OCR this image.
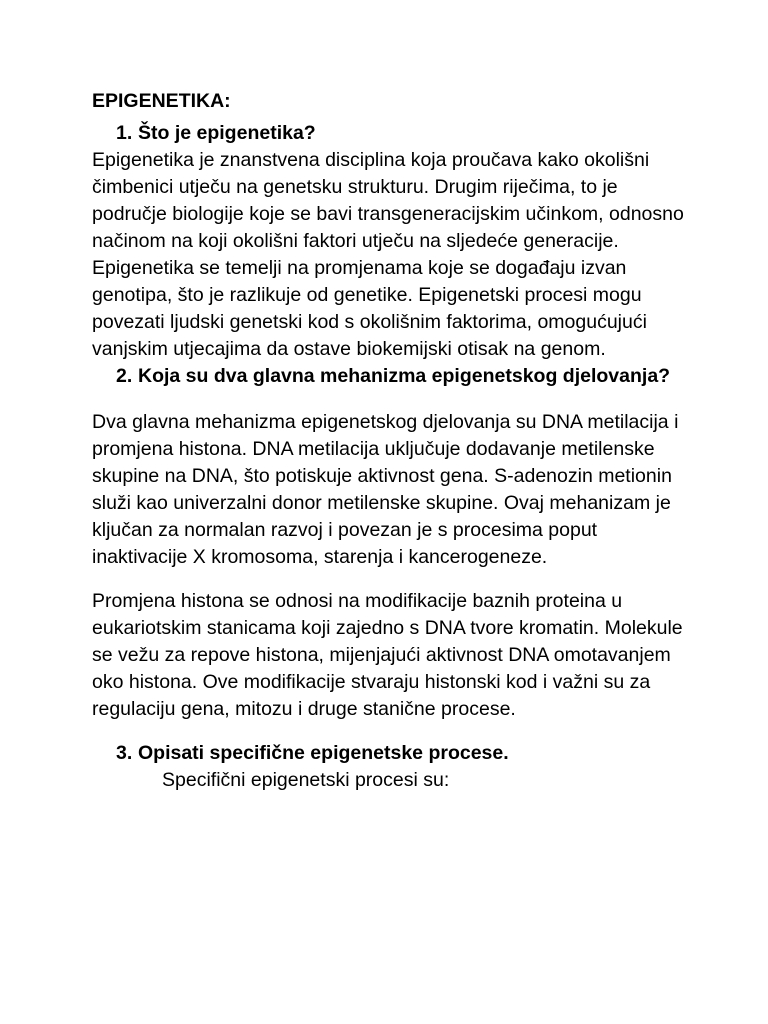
EPIGENETIKA:

1. Što je epigenetika?

Epigenetika je znanstvena disciplina koja proučava kako okolišni čimbenici utječu na genetsku strukturu. Drugim riječima, to je područje biologije koje se bavi transgeneracijskim učinkom, odnosno načinom na koji okolišni faktori utječu na sljedeće generacije. Epigenetika se temelji na promjenama koje se događaju izvan genotipa, što je razlikuje od genetike. Epigenetski procesi mogu povezati ljudski genetski kod s okolišnim faktorima, omogućujući vanjskim utjecajima da ostave biokemijski otisak na genom.

2. Koja su dva glavna mehanizma epigenetskog djelovanja?

Dva glavna mehanizma epigenetskog djelovanja su DNA metilacija i promjena histona. DNA metilacija uključuje dodavanje metilenske skupine na DNA, što potiskuje aktivnost gena. S-adenozin metionin služi kao univerzalni donor metilenske skupine. Ovaj mehanizam je ključan za normalan razvoj i povezan je s procesima poput inaktivacije X kromosoma, starenja i kancerogeneze.

Promjena histona se odnosi na modifikacije baznih proteina u eukariotskim stanicama koji zajedno s DNA tvore kromatin. Molekule se vežu za repove histona, mijenjajući aktivnost DNA omotavanjem oko histona. Ove modifikacije stvaraju histonski kod i važni su za regulaciju gena, mitozu i druge stanične procese.

3. Opisati specifične epigenetske procese.

Specifični epigenetski procesi su:
